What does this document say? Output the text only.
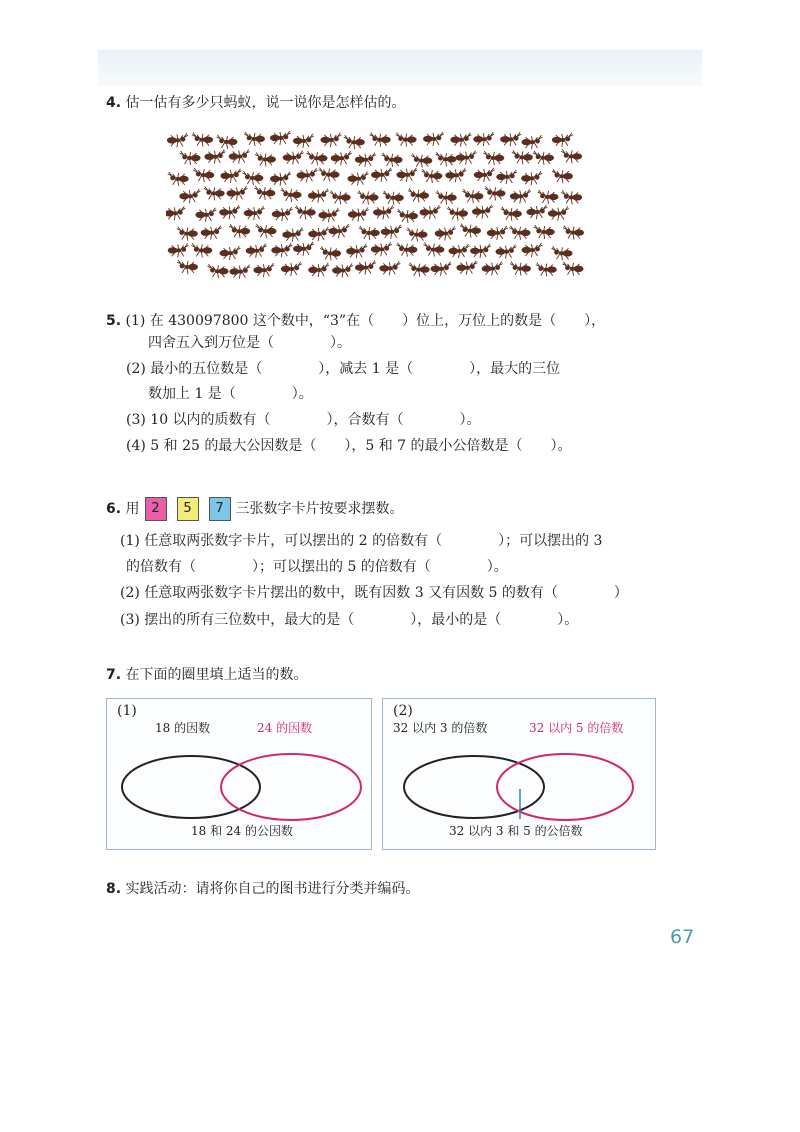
4. 估一估有多少只蚂蚁，说一说你是怎样估的。
5. (1) 在 430097800 这个数中，“3”在（　　）位上，万位上的数是（　　），
四舍五入到万位是（　　　　）。
(2) 最小的五位数是（　　　　），减去 1 是（　　　　），最大的三位
数加上 1 是（　　　　）。
(3) 10 以内的质数有（　　　　），合数有（　　　　）。
(4) 5 和 25 的最大公因数是（　　），5 和 7 的最小公倍数是（　　）。
6. 用 2 5 7 三张数字卡片按要求摆数。
(1) 任意取两张数字卡片，可以摆出的 2 的倍数有（　　　　）；可以摆出的 3
的倍数有（　　　　）；可以摆出的 5 的倍数有（　　　　）。
(2) 任意取两张数字卡片摆出的数中，既有因数 3 又有因数 5 的数有（　　　　）
(3) 摆出的所有三位数中，最大的是（　　　　），最小的是（　　　　）。
7. 在下面的圈里填上适当的数。
(1)
18 的因数	24 的因数
18 和 24 的公因数
(2)
32 以内 3 的倍数	32 以内 5 的倍数
32 以内 3 和 5 的公倍数
8. 实践活动：请将你自己的图书进行分类并编码。
67
